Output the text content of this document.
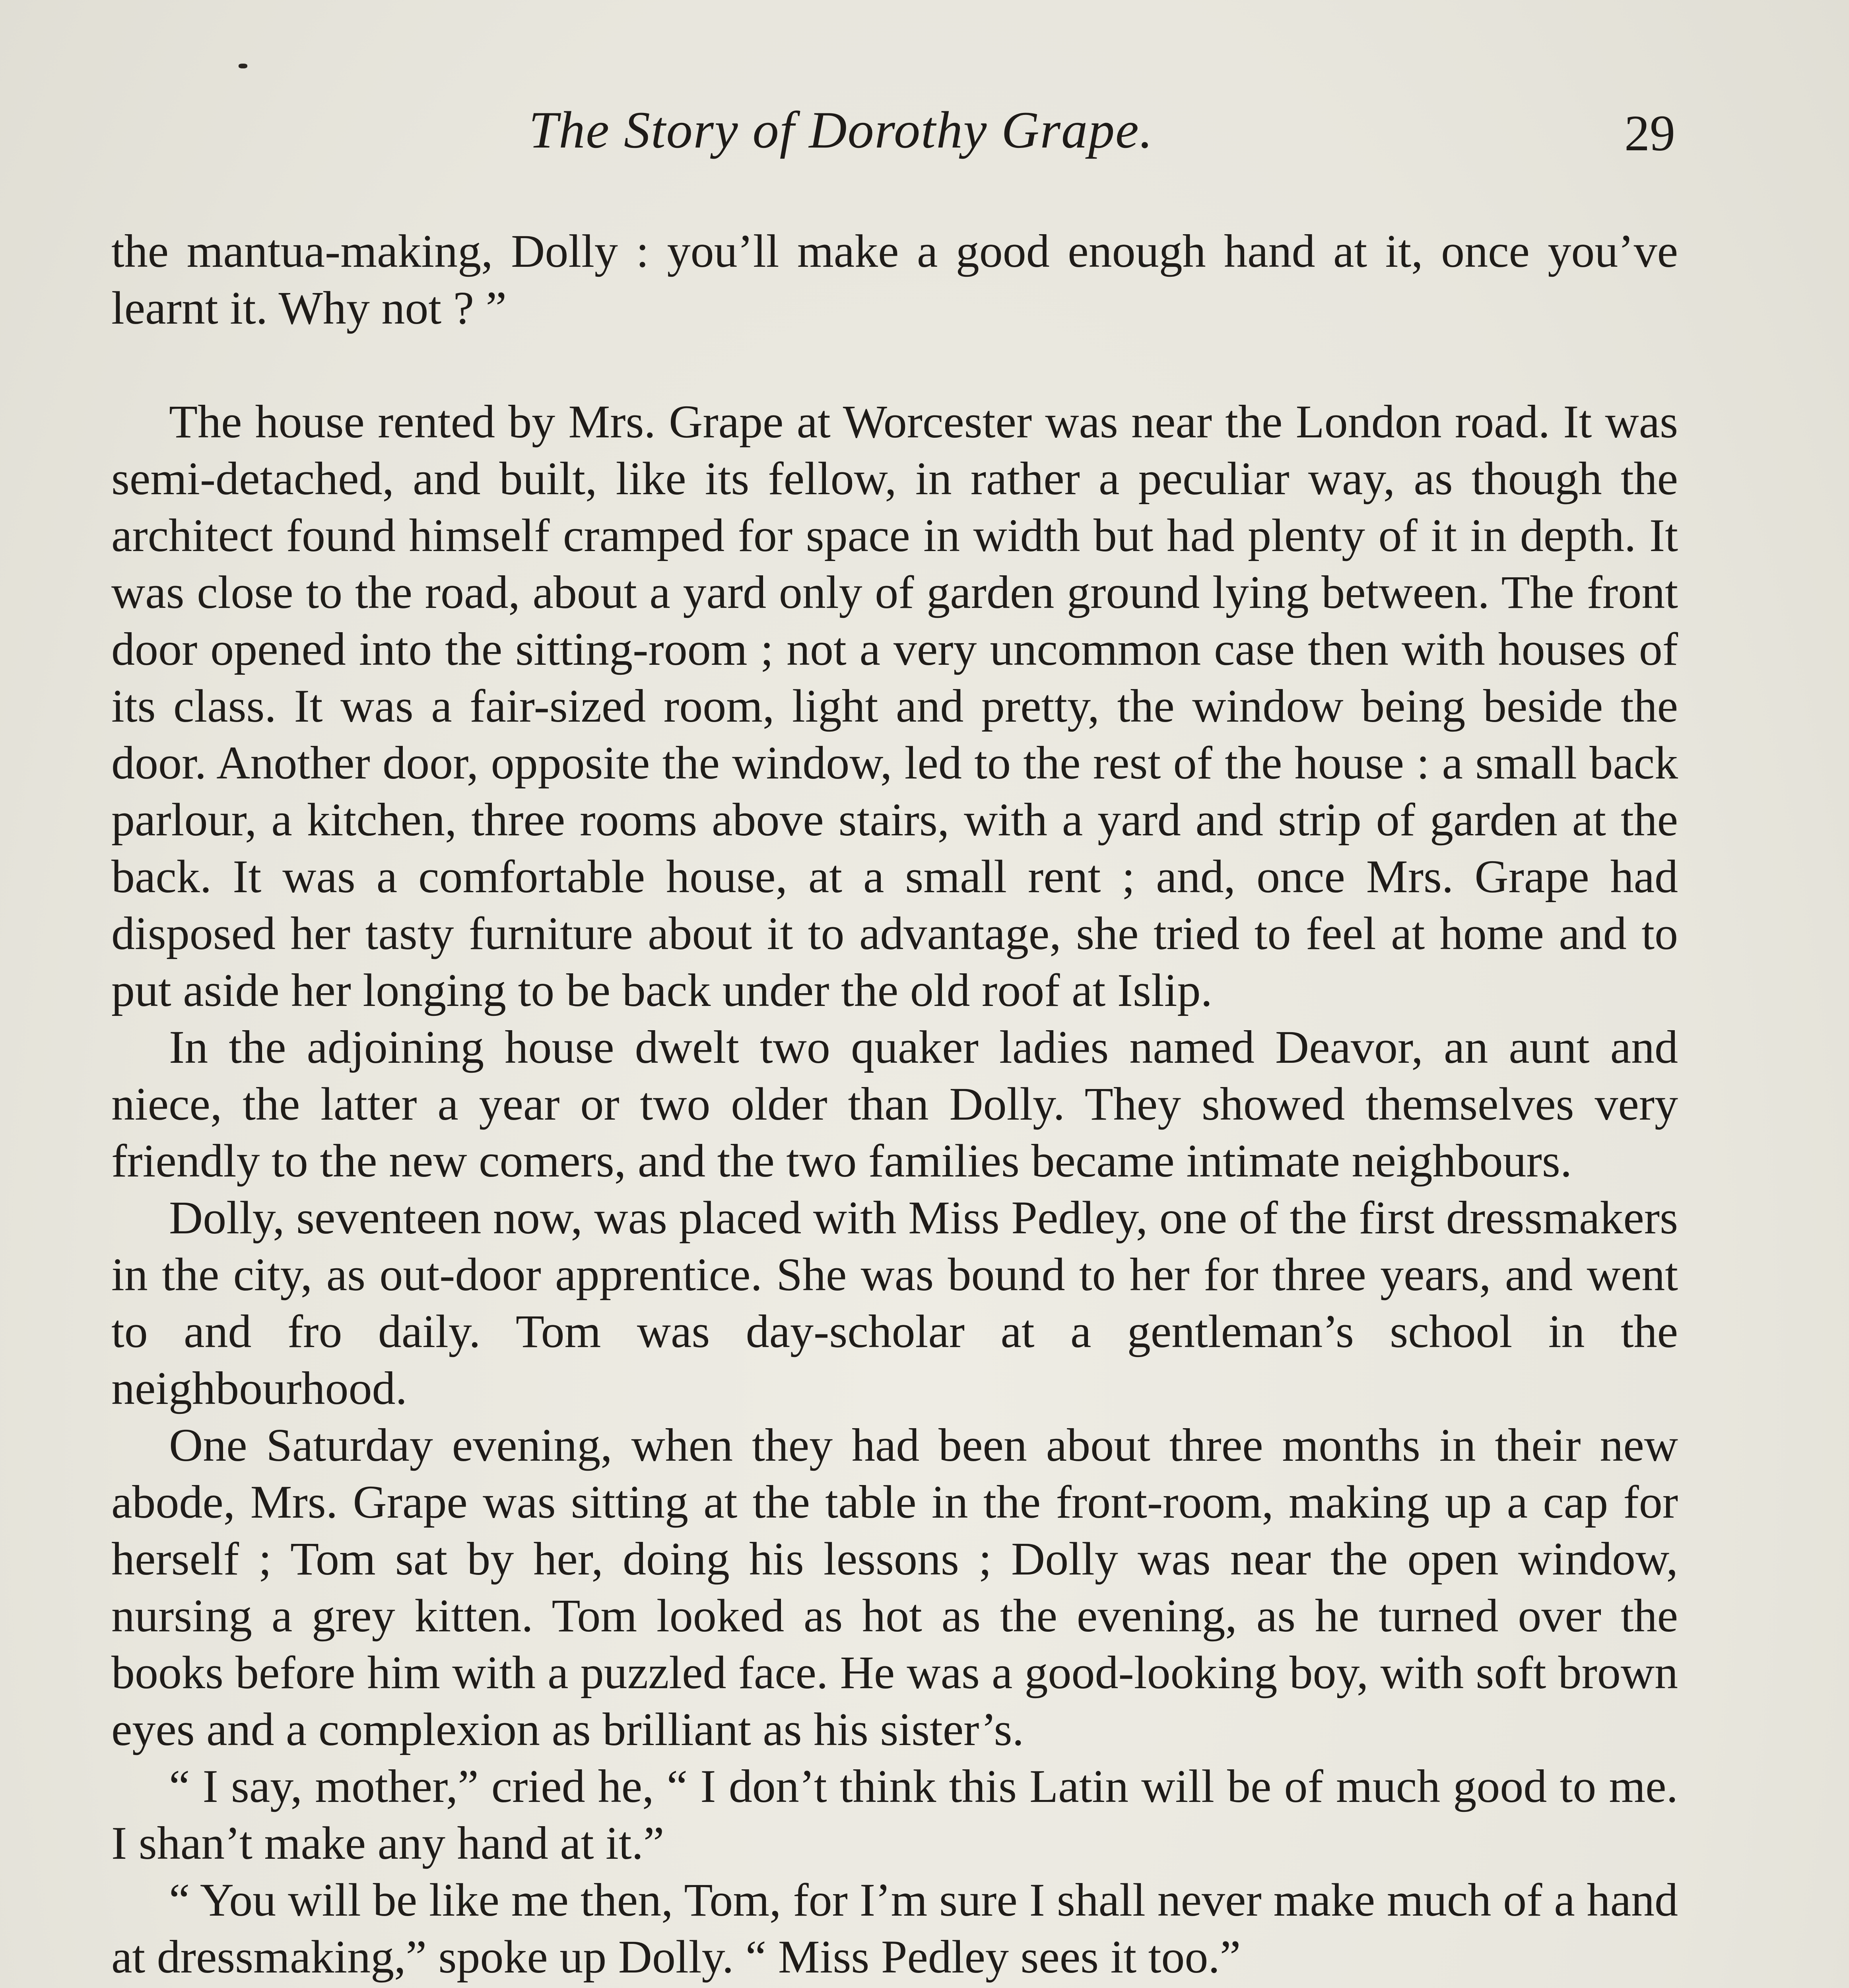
The Story of Dorothy Grape.	29

the mantua-making, Dolly : you’ll make a good enough hand at it, once you’ve learnt it. Why not ? ”

The house rented by Mrs. Grape at Worcester was near the London road. It was semi-detached, and built, like its fellow, in rather a peculiar way, as though the architect found himself cramped for space in width but had plenty of it in depth. It was close to the road, about a yard only of garden ground lying between. The front door opened into the sitting-room ; not a very uncommon case then with houses of its class. It was a fair-sized room, light and pretty, the window being beside the door. Another door, opposite the window, led to the rest of the house : a small back parlour, a kitchen, three rooms above stairs, with a yard and strip of garden at the back. It was a comfortable house, at a small rent ; and, once Mrs. Grape had disposed her tasty furniture about it to advantage, she tried to feel at home and to put aside her longing to be back under the old roof at Islip.

In the adjoining house dwelt two quaker ladies named Deavor, an aunt and niece, the latter a year or two older than Dolly. They showed themselves very friendly to the new comers, and the two families became intimate neighbours.

Dolly, seventeen now, was placed with Miss Pedley, one of the first dressmakers in the city, as out-door apprentice. She was bound to her for three years, and went to and fro daily. Tom was day-scholar at a gentleman’s school in the neighbourhood.

One Saturday evening, when they had been about three months in their new abode, Mrs. Grape was sitting at the table in the front-room, making up a cap for herself ; Tom sat by her, doing his lessons ; Dolly was near the open window, nursing a grey kitten. Tom looked as hot as the evening, as he turned over the books before him with a puzzled face. He was a good-looking boy, with soft brown eyes and a complexion as brilliant as his sister’s.

“ I say, mother,” cried he, “ I don’t think this Latin will be of much good to me. I shan’t make any hand at it.”

“ You will be like me then, Tom, for I’m sure I shall never make much of a hand at dressmaking,” spoke up Dolly. “ Miss Pedley sees it too.”
